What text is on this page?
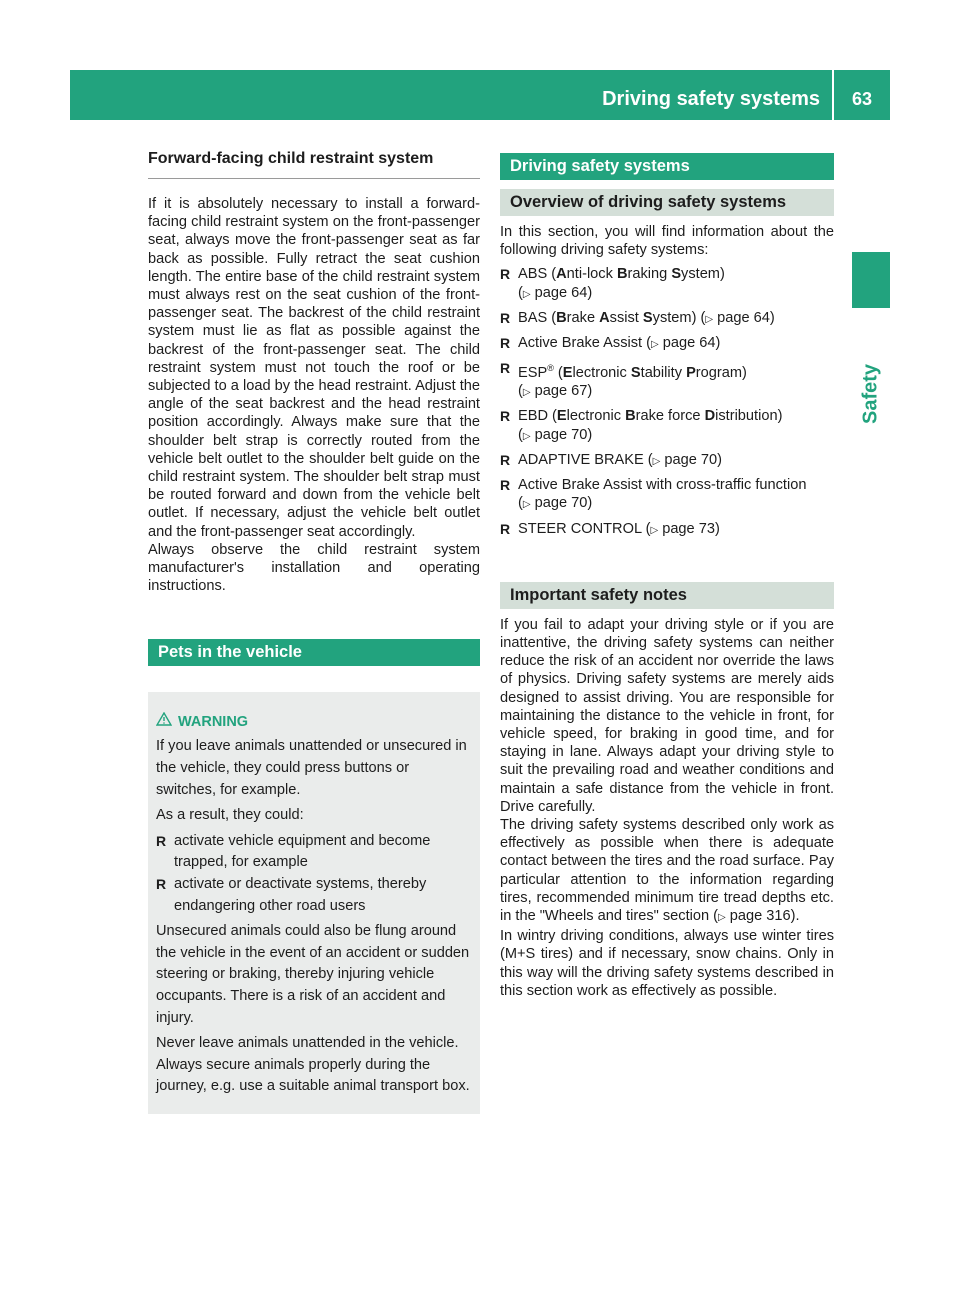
Driving safety systems	63
Safety
Forward-facing child restraint system

If it is absolutely necessary to install a forward-facing child restraint system on the front-passenger seat, always move the front-passenger seat as far back as possible. Fully retract the seat cushion length. The entire base of the child restraint system must always rest on the seat cushion of the front-passenger seat. The backrest of the child restraint system must lie as flat as possible against the backrest of the front-passenger seat. The child restraint system must not touch the roof or be subjected to a load by the head restraint. Adjust the angle of the seat backrest and the head restraint position accordingly. Always make sure that the shoulder belt strap is correctly routed from the vehicle belt outlet to the shoulder belt guide on the child restraint system. The shoulder belt strap must be routed forward and down from the vehicle belt outlet. If necessary, adjust the vehicle belt outlet and the front-passenger seat accordingly.

Always observe the child restraint system manufacturer's installation and operating instructions.

Pets in the vehicle
WARNING

If you leave animals unattended or unsecured in the vehicle, they could press buttons or switches, for example.

As a result, they could:

R activate vehicle equipment and become trapped, for example
R activate or deactivate systems, thereby endangering other road users

Unsecured animals could also be flung around the vehicle in the event of an accident or sudden steering or braking, thereby injuring vehicle occupants. There is a risk of an accident and injury.

Never leave animals unattended in the vehicle. Always secure animals properly during the journey, e.g. use a suitable animal transport box.

Driving safety systems
Overview of driving safety systems

In this section, you will find information about the following driving safety systems:

R ABS (Anti-lock Braking System)
(▷ page 64)
R BAS (Brake Assist System) (▷ page 64)
R Active Brake Assist (▷ page 64)
R ESP® (Electronic Stability Program)
(▷ page 67)
R EBD (Electronic Brake force Distribution)
(▷ page 70)
R ADAPTIVE BRAKE (▷ page 70)
R Active Brake Assist with cross-traffic function
(▷ page 70)
R STEER CONTROL (▷ page 73)
Important safety notes

If you fail to adapt your driving style or if you are inattentive, the driving safety systems can neither reduce the risk of an accident nor override the laws of physics. Driving safety systems are merely aids designed to assist driving. You are responsible for maintaining the distance to the vehicle in front, for vehicle speed, for braking in good time, and for staying in lane. Always adapt your driving style to suit the prevailing road and weather conditions and maintain a safe distance from the vehicle in front. Drive carefully.

The driving safety systems described only work as effectively as possible when there is adequate contact between the tires and the road surface. Pay particular attention to the information regarding tires, recommended minimum tire tread depths etc. in the "Wheels and tires" section (▷ page 316).

In wintry driving conditions, always use winter tires (M+S tires) and if necessary, snow chains. Only in this way will the driving safety systems described in this section work as effectively as possible.
